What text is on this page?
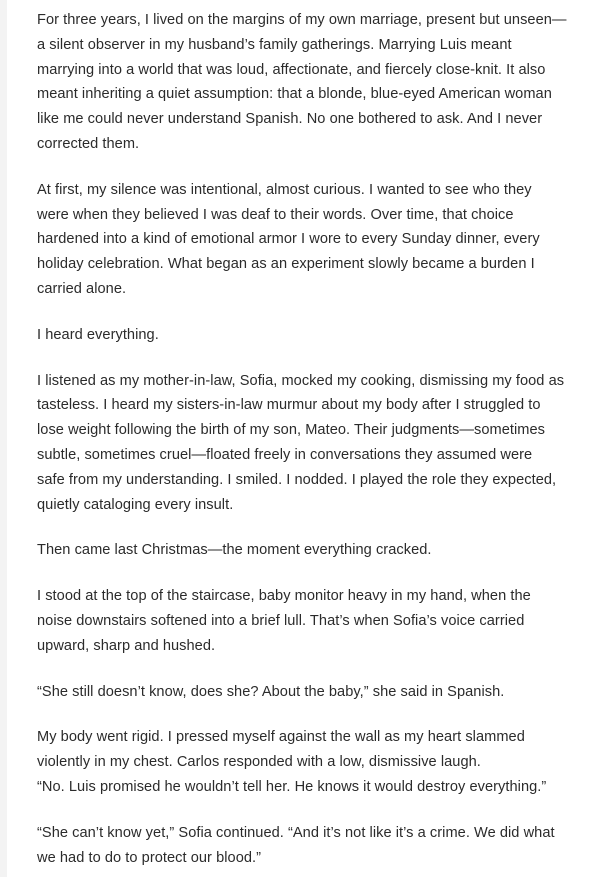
For three years, I lived on the margins of my own marriage, present but unseen—
a silent observer in my husband’s family gatherings. Marrying Luis meant
marrying into a world that was loud, affectionate, and fiercely close-knit. It also
meant inheriting a quiet assumption: that a blonde, blue-eyed American woman
like me could never understand Spanish. No one bothered to ask. And I never
corrected them.

At first, my silence was intentional, almost curious. I wanted to see who they
were when they believed I was deaf to their words. Over time, that choice
hardened into a kind of emotional armor I wore to every Sunday dinner, every
holiday celebration. What began as an experiment slowly became a burden I
carried alone.

I heard everything.

I listened as my mother-in-law, Sofia, mocked my cooking, dismissing my food as
tasteless. I heard my sisters-in-law murmur about my body after I struggled to
lose weight following the birth of my son, Mateo. Their judgments—sometimes
subtle, sometimes cruel—floated freely in conversations they assumed were
safe from my understanding. I smiled. I nodded. I played the role they expected,
quietly cataloging every insult.

Then came last Christmas—the moment everything cracked.

I stood at the top of the staircase, baby monitor heavy in my hand, when the
noise downstairs softened into a brief lull. That’s when Sofia’s voice carried
upward, sharp and hushed.

“She still doesn’t know, does she? About the baby,” she said in Spanish.

My body went rigid. I pressed myself against the wall as my heart slammed
violently in my chest. Carlos responded with a low, dismissive laugh.
“No. Luis promised he wouldn’t tell her. He knows it would destroy everything.”

“She can’t know yet,” Sofia continued. “And it’s not like it’s a crime. We did what
we had to do to protect our blood.”
